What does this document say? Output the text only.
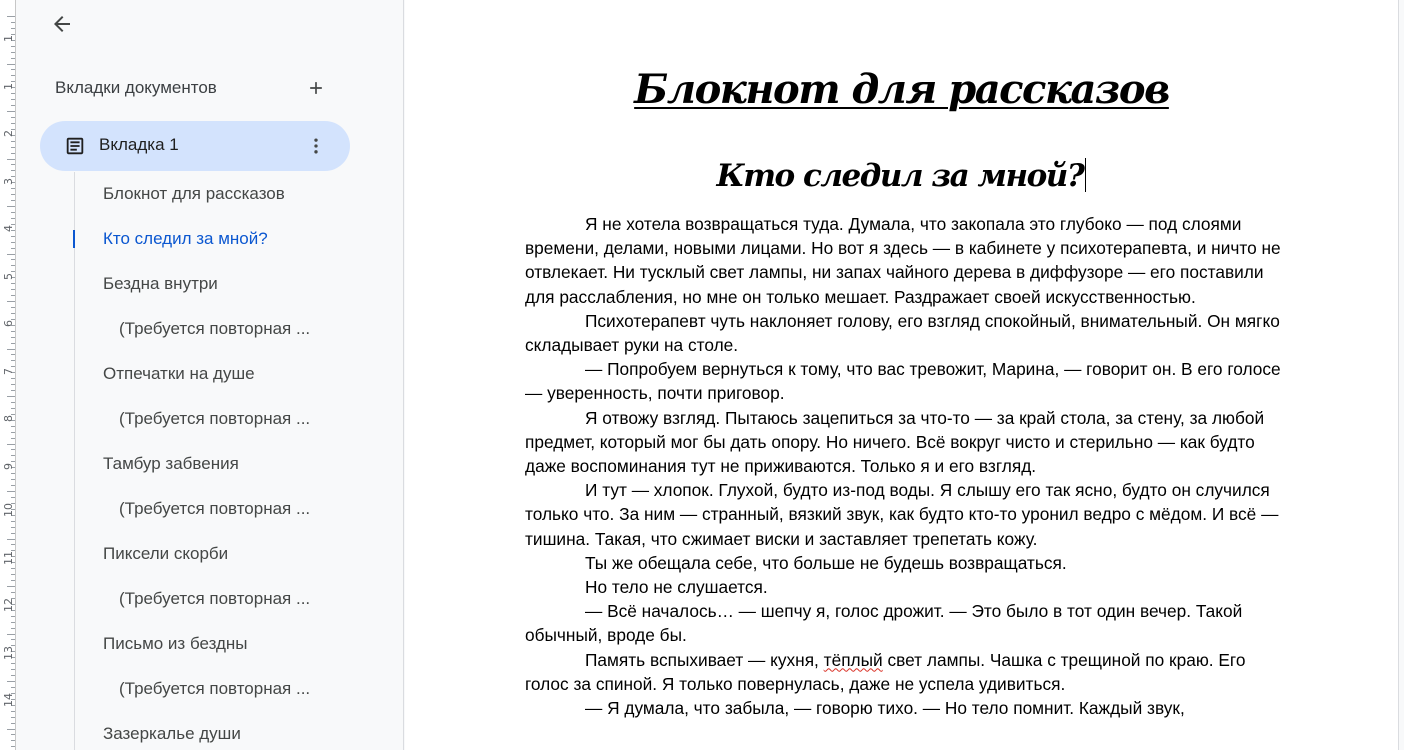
1
1
2
3
4
5
6
7
8
9
10
11
12
13
14
Вкладки документов
Вкладка 1
Блокнот для рассказов
Кто следил за мной?
Бездна внутри
(Требуется повторная ...
Отпечатки на душе
(Требуется повторная ...
Тамбур забвения
(Требуется повторная ...
Пиксели скорби
(Требуется повторная ...
Письмо из бездны
(Требуется повторная ...
Зазеркалье души
Блокнот для рассказов
Кто следил за мной?

Я не хотела возвращаться туда. Думала, что закопала это глубоко — под слоями времени, делами, новыми лицами. Но вот я здесь — в кабинете у психотерапевта, и ничто не отвлекает. Ни тусклый свет лампы, ни запах чайного дерева в диффузоре — его поставили для расслабления, но мне он только мешает. Раздражает своей искусственностью.

Психотерапевт чуть наклоняет голову, его взгляд спокойный, внимательный. Он мягко складывает руки на столе.

— Попробуем вернуться к тому, что вас тревожит, Марина, — говорит он. В его голосе — уверенность, почти приговор.

Я отвожу взгляд. Пытаюсь зацепиться за что-то — за край стола, за стену, за любой предмет, который мог бы дать опору. Но ничего. Всё вокруг чисто и стерильно — как будто даже воспоминания тут не приживаются. Только я и его взгляд.

И тут — хлопок. Глухой, будто из-под воды. Я слышу его так ясно, будто он случился только что. За ним — странный, вязкий звук, как будто кто-то уронил ведро с мёдом. И всё — тишина. Такая, что сжимает виски и заставляет трепетать кожу.

Ты же обещала себе, что больше не будешь возвращаться.

Но тело не слушается.

— Всё началось… — шепчу я, голос дрожит. — Это было в тот один вечер. Такой обычный, вроде бы.

Память вспыхивает — кухня, тёплый свет лампы. Чашка с трещиной по краю. Его голос за спиной. Я только повернулась, даже не успела удивиться.

— Я думала, что забыла, — говорю тихо. — Но тело помнит. Каждый звук,
